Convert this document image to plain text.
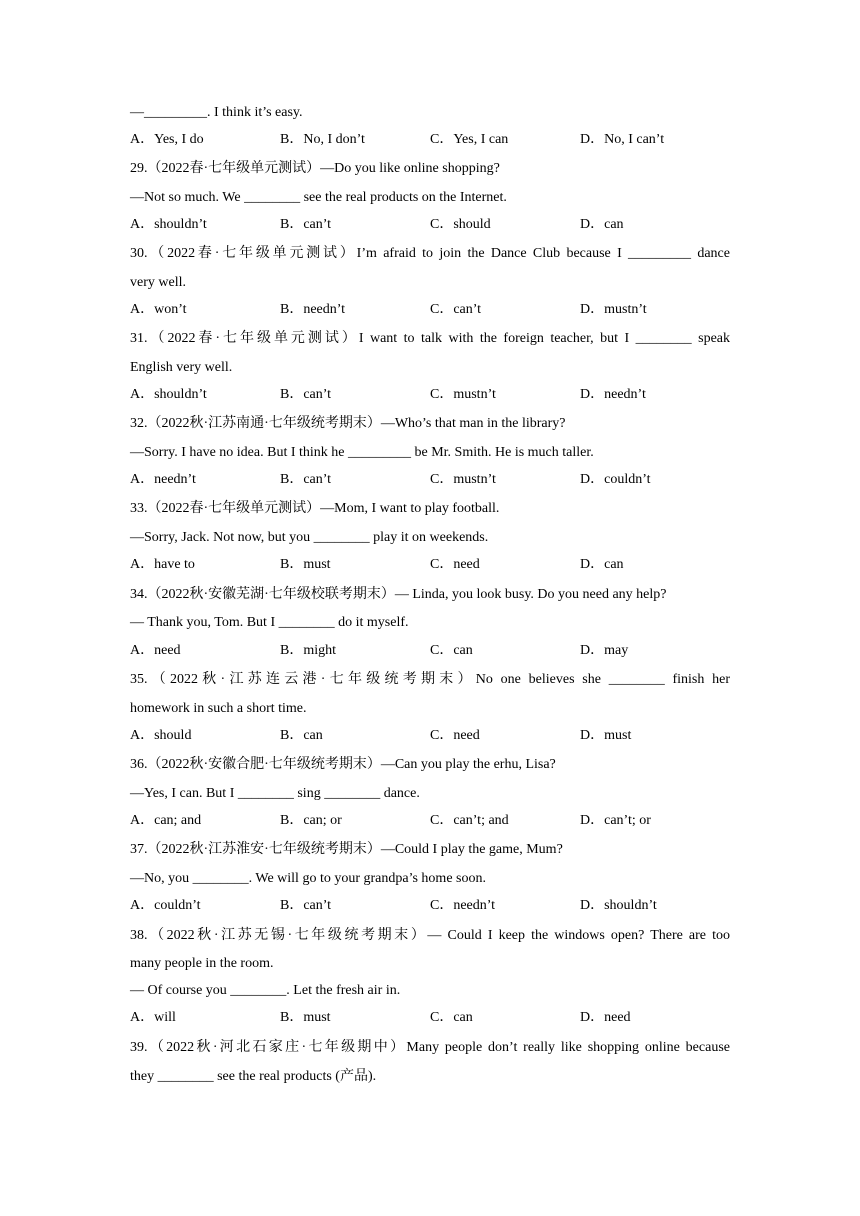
—_________. I think it’s easy.
A．Yes, I do	B．No, I don’t	C．Yes, I can	D．No, I can’t
29.（2022春·七年级单元测试）—Do you like online shopping?
—Not so much. We ________ see the real products on the Internet.
A．shouldn’t	B．can’t	C．should	D．can
30.（2022春·七年级单元测试）I’m afraid to join the Dance Club because I _________ dance
very well.
A．won’t	B．needn’t	C．can’t	D．mustn’t
31.（2022春·七年级单元测试）I want to talk with the foreign teacher, but I ________ speak
English very well.
A．shouldn’t	B．can’t	C．mustn’t	D．needn’t
32.（2022秋·江苏南通·七年级统考期末）—Who’s that man in the library?
—Sorry. I have no idea. But I think he _________ be Mr. Smith. He is much taller.
A．needn’t	B．can’t	C．mustn’t	D．couldn’t
33.（2022春·七年级单元测试）—Mom, I want to play football.
—Sorry, Jack. Not now, but you ________ play it on weekends.
A．have to	B．must	C．need	D．can
34.（2022秋·安徽芜湖·七年级校联考期末）— Linda, you look busy. Do you need any help?
— Thank you, Tom. But I ________ do it myself.
A．need	B．might	C．can	D．may
35.（2022秋·江苏连云港·七年级统考期末）No one believes she ________ finish her
homework in such a short time.
A．should	B．can	C．need	D．must
36.（2022秋·安徽合肥·七年级统考期末）—Can you play the erhu, Lisa?
—Yes, I can. But I ________ sing ________ dance.
A．can; and	B．can; or	C．can’t; and	D．can’t; or
37.（2022秋·江苏淮安·七年级统考期末）—Could I play the game, Mum?
—No, you ________. We will go to your grandpa’s home soon.
A．couldn’t	B．can’t	C．needn’t	D．shouldn’t
38.（2022秋·江苏无锡·七年级统考期末）— Could I keep the windows open? There are too
many people in the room.
— Of course you ________. Let the fresh air in.
A．will	B．must	C．can	D．need
39.（2022秋·河北石家庄·七年级期中）Many people don’t really like shopping online because
they ________ see the real products (产品).
